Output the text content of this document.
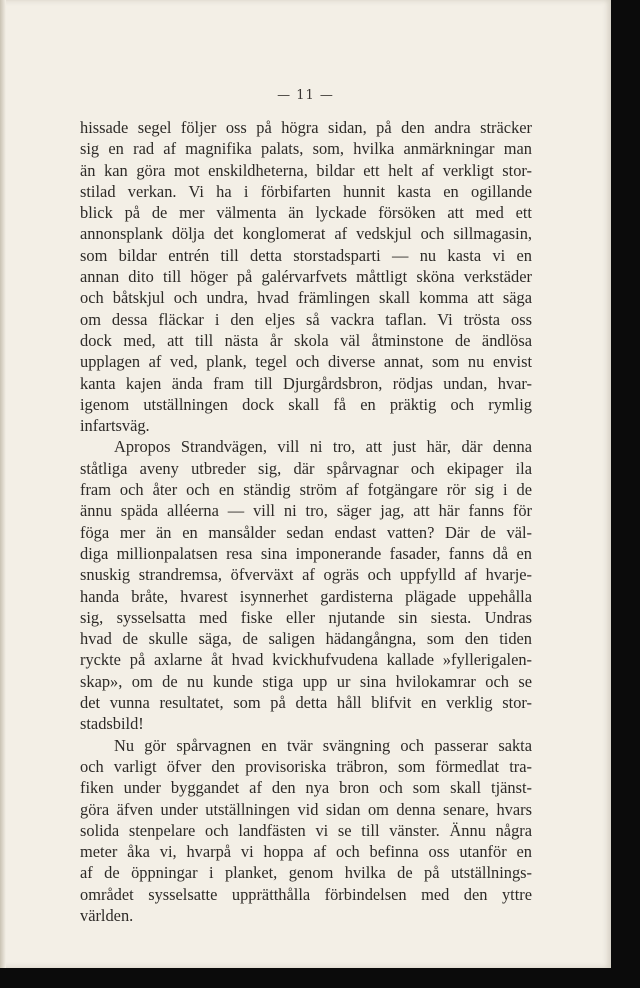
— 11 —
hissade segel följer oss på högra sidan, på den andra sträcker
sig en rad af magnifika palats, som, hvilka anmärkningar man
än kan göra mot enskildheterna, bildar ett helt af verkligt stor-
stilad verkan. Vi ha i förbifarten hunnit kasta en ogillande
blick på de mer välmenta än lyckade försöken att med ett
annonsplank dölja det konglomerat af vedskjul och sillmagasin,
som bildar entrén till detta storstadsparti — nu kasta vi en
annan dito till höger på galérvarfvets måttligt sköna verkstäder
och båtskjul och undra, hvad främlingen skall komma att säga
om dessa fläckar i den eljes så vackra taflan. Vi trösta oss
dock med, att till nästa år skola väl åtminstone de ändlösa
upplagen af ved, plank, tegel och diverse annat, som nu envist
kanta kajen ända fram till Djurgårdsbron, rödjas undan, hvar-
igenom utställningen dock skall få en präktig och rymlig
infartsväg.
Apropos Strandvägen, vill ni tro, att just här, där denna
ståtliga aveny utbreder sig, där spårvagnar och ekipager ila
fram och åter och en ständig ström af fotgängare rör sig i de
ännu späda alléerna — vill ni tro, säger jag, att här fanns för
föga mer än en mansålder sedan endast vatten? Där de väl-
diga millionpalatsen resa sina imponerande fasader, fanns då en
snuskig strandremsa, öfverväxt af ogräs och uppfylld af hvarje-
handa bråte, hvarest isynnerhet gardisterna plägade uppehålla
sig, sysselsatta med fiske eller njutande sin siesta. Undras
hvad de skulle säga, de saligen hädangångna, som den tiden
ryckte på axlarne åt hvad kvickhufvudena kallade »fyllerigalen-
skap», om de nu kunde stiga upp ur sina hvilokamrar och se
det vunna resultatet, som på detta håll blifvit en verklig stor-
stadsbild!
Nu gör spårvagnen en tvär svängning och passerar sakta
och varligt öfver den provisoriska träbron, som förmedlat tra-
fiken under byggandet af den nya bron och som skall tjänst-
göra äfven under utställningen vid sidan om denna senare, hvars
solida stenpelare och landfästen vi se till vänster. Ännu några
meter åka vi, hvarpå vi hoppa af och befinna oss utanför en
af de öppningar i planket, genom hvilka de på utställnings-
området sysselsatte upprätthålla förbindelsen med den yttre
världen.
